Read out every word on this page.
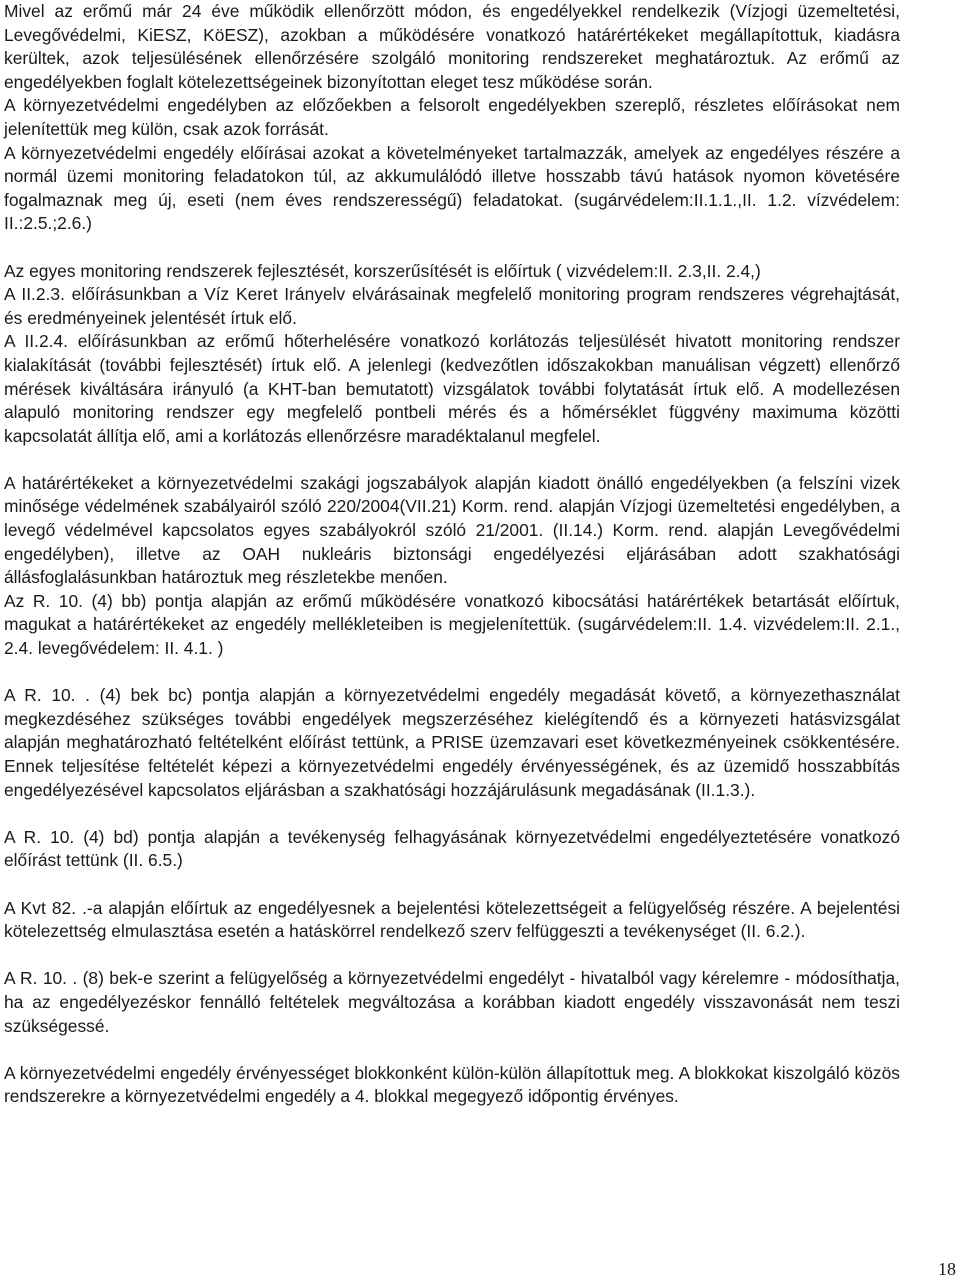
Mivel az erőmű már 24 éve működik ellenőrzött módon, és engedélyekkel rendelkezik (Vízjogi üzemeltetési, Levegővédelmi, KiESZ, KöESZ), azokban a működésére vonatkozó határértékeket megállapítottuk, kiadásra kerültek, azok teljesülésének ellenőrzésére szolgáló monitoring rendszereket meghatároztuk. Az erőmű az engedélyekben foglalt kötelezettségeinek bizonyítottan eleget tesz működése során.

A környezetvédelmi engedélyben az előzőekben a felsorolt engedélyekben szereplő, részletes előírásokat nem jelenítettük meg külön, csak azok forrását.

A környezetvédelmi engedély előírásai azokat a követelményeket tartalmazzák, amelyek az engedélyes részére a normál üzemi monitoring feladatokon túl, az akkumulálódó illetve hosszabb távú hatások nyomon követésére fogalmaznak meg új, eseti (nem éves rendszerességű) feladatokat. (sugárvédelem:II.1.1.,II. 1.2. vízvédelem: II.:2.5.;2.6.)

Az egyes monitoring rendszerek fejlesztését, korszerűsítését is előírtuk ( vizvédelem:II. 2.3,II. 2.4,)

A II.2.3. előírásunkban a Víz Keret Irányelv elvárásainak megfelelő monitoring program rendszeres végrehajtását, és eredményeinek jelentését írtuk elő.

A II.2.4. előírásunkban az erőmű hőterhelésére vonatkozó korlátozás teljesülését hivatott monitoring rendszer kialakítását (további fejlesztését) írtuk elő. A jelenlegi (kedvezőtlen időszakokban manuálisan végzett) ellenőrző mérések kiváltására irányuló (a KHT-ban bemutatott) vizsgálatok további folytatását írtuk elő. A modellezésen alapuló monitoring rendszer egy megfelelő pontbeli mérés és a hőmérséklet függvény maximuma közötti kapcsolatát állítja elő, ami a korlátozás ellenőrzésre maradéktalanul megfelel.

A határértékeket a környezetvédelmi szakági jogszabályok alapján kiadott önálló engedélyekben (a felszíni vizek minősége védelmének szabályairól szóló 220/2004(VII.21) Korm. rend. alapján Vízjogi üzemeltetési engedélyben, a levegő védelmével kapcsolatos egyes szabályokról szóló 21/2001. (II.14.) Korm. rend. alapján Levegővédelmi engedélyben), illetve az OAH nukleáris biztonsági engedélyezési eljárásában adott szakhatósági állásfoglalásunkban határoztuk meg részletekbe menően.

Az R. 10. (4) bb) pontja alapján az erőmű működésére vonatkozó kibocsátási határértékek betartását előírtuk, magukat a határértékeket az engedély mellékleteiben is megjelenítettük. (sugárvédelem:II. 1.4. vizvédelem:II. 2.1., 2.4. levegővédelem: II. 4.1. )

A R. 10. . (4) bek bc) pontja alapján a környezetvédelmi engedély megadását követő, a környezethasználat megkezdéséhez szükséges további engedélyek megszerzéséhez kielégítendő és a környezeti hatásvizsgálat alapján meghatározható feltételként előírást tettünk, a PRISE üzemzavari eset következményeinek csökkentésére. Ennek teljesítése feltételét képezi a környezetvédelmi engedély érvényességének, és az üzemidő hosszabbítás engedélyezésével kapcsolatos eljárásban a szakhatósági hozzájárulásunk megadásának (II.1.3.).

A R. 10. (4) bd) pontja alapján a tevékenység felhagyásának környezetvédelmi engedélyeztetésére vonatkozó előírást tettünk (II. 6.5.)

A Kvt 82. .-a alapján előírtuk az engedélyesnek a bejelentési kötelezettségeit a felügyelőség részére. A bejelentési kötelezettség elmulasztása esetén a hatáskörrel rendelkező szerv felfüggeszti a tevékenységet (II. 6.2.).

A R. 10. . (8) bek-e szerint a felügyelőség a környezetvédelmi engedélyt - hivatalból vagy kérelemre - módosíthatja, ha az engedélyezéskor fennálló feltételek megváltozása a korábban kiadott engedély visszavonását nem teszi szükségessé.

A környezetvédelmi engedély érvényességet blokkonként külön-külön állapítottuk meg. A blokkokat kiszolgáló közös rendszerekre a környezetvédelmi engedély a 4. blokkal megegyező időpontig érvényes.

18
